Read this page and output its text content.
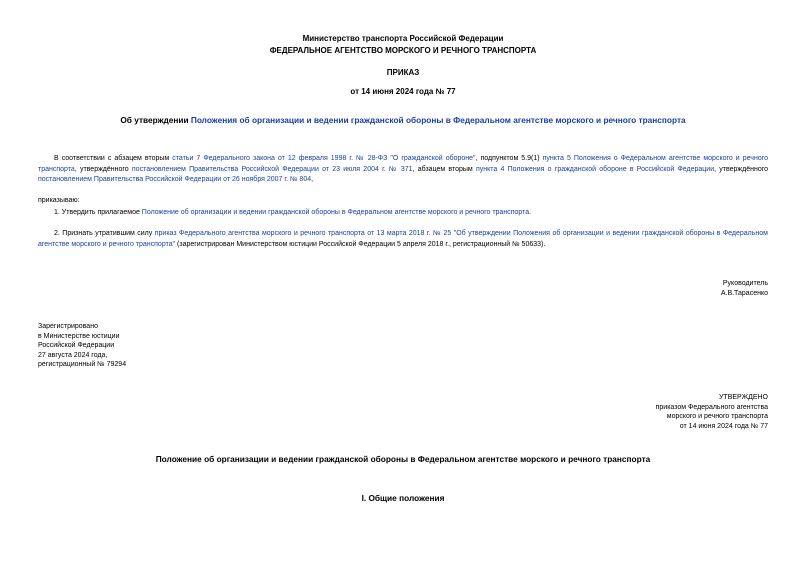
Министерство транспорта Российской Федерации
ФЕДЕРАЛЬНОЕ АГЕНТСТВО МОРСКОГО И РЕЧНОГО ТРАНСПОРТА
ПРИКАЗ
от 14 июня 2024 года № 77
Об утверждении Положения об организации и ведении гражданской обороны в Федеральном агентстве морского и речного транспорта
В соответствии с абзацем вторым статьи 7 Федерального закона от 12 февраля 1998 г. № 28-ФЗ "О гражданской обороне", подпунктом 5.9(1) пункта 5 Положения о Федеральном агентстве морского и речного транспорта, утверждённого постановлением Правительства Российской Федерации от 23 июля 2004 г. № 371, абзацем вторым пункта 4 Положения о гражданской обороне в Российской Федерации, утверждённого постановлением Правительства Российской Федерации от 26 ноября 2007 г. № 804,
приказываю:
1. Утвердить прилагаемое Положение об организации и ведении гражданской обороны в Федеральном агентстве морского и речного транспорта.
2. Признать утратившим силу приказ Федерального агентства морского и речного транспорта от 13 марта 2018 г. № 25 "Об утверждении Положения об организации и ведении гражданской обороны в Федеральном агентстве морского и речного транспорта" (зарегистрирован Министерством юстиции Российской Федерации 5 апреля 2018 г., регистрационный № 50633).
Руководитель
А.В.Тарасенко
Зарегистрировано
в Министерстве юстиции
Российской Федерации
27 августа 2024 года,
регистрационный № 79294
УТВЕРЖДЕНО
приказом Федерального агентства
морского и речного транспорта
от 14 июня 2024 года № 77
Положение об организации и ведении гражданской обороны в Федеральном агентстве морского и речного транспорта
I. Общие положения
